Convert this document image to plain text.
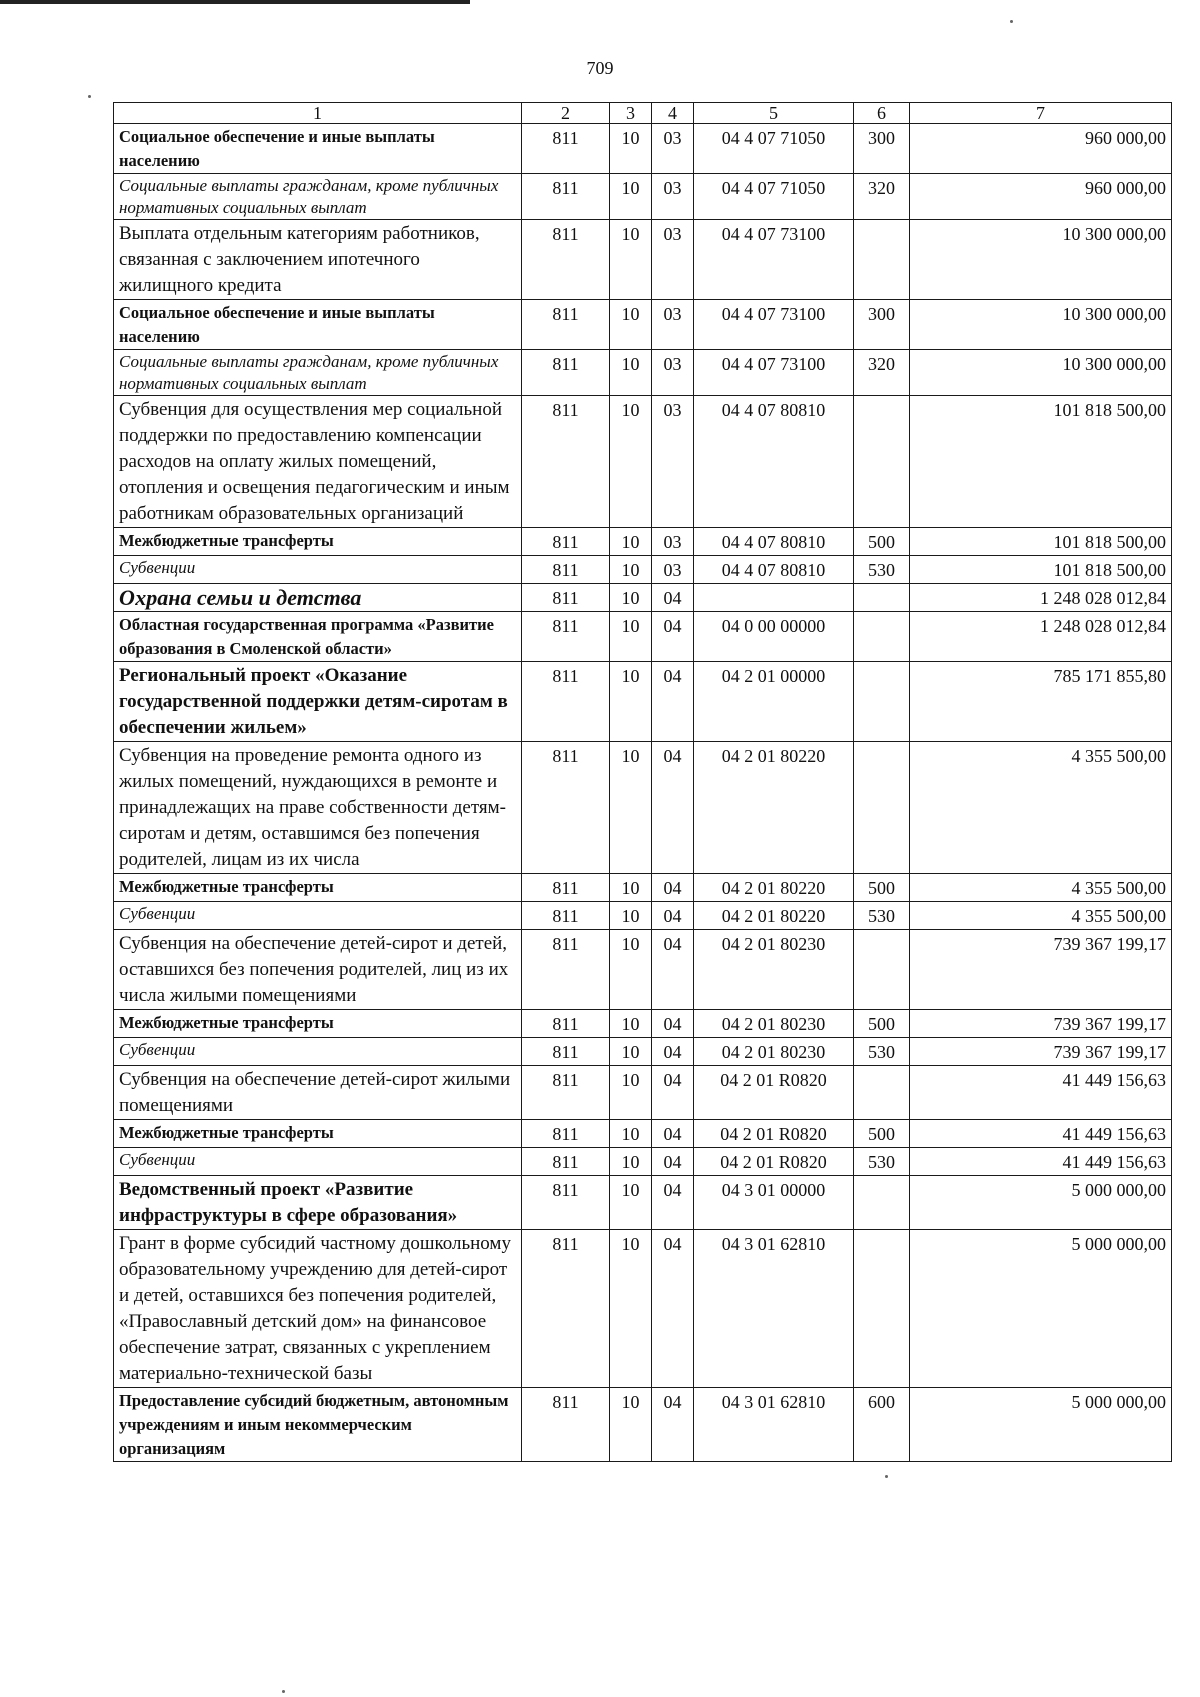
709
1	2	3	4	5	6	7
Социальное обеспечение и иные выплаты населению	811	10	03	04 4 07 71050	300	960 000,00
Социальные выплаты гражданам, кроме публичных нормативных социальных выплат	811	10	03	04 4 07 71050	320	960 000,00
Выплата отдельным категориям работников, связанная с заключением ипотечного жилищного кредита	811	10	03	04 4 07 73100		10 300 000,00
Социальное обеспечение и иные выплаты населению	811	10	03	04 4 07 73100	300	10 300 000,00
Социальные выплаты гражданам, кроме публичных нормативных социальных выплат	811	10	03	04 4 07 73100	320	10 300 000,00
Субвенция для осуществления мер социальной поддержки по предоставлению компенсации расходов на оплату жилых помещений, отопления и освещения педагогическим и иным работникам образовательных организаций	811	10	03	04 4 07 80810		101 818 500,00
Межбюджетные трансферты	811	10	03	04 4 07 80810	500	101 818 500,00
Субвенции	811	10	03	04 4 07 80810	530	101 818 500,00
Охрана семьи и детства	811	10	04			1 248 028 012,84
Областная государственная программа «Развитие образования в Смоленской области»	811	10	04	04 0 00 00000		1 248 028 012,84
Региональный проект «Оказание государственной поддержки детям-сиротам в обеспечении жильем»	811	10	04	04 2 01 00000		785 171 855,80
Субвенция на проведение ремонта одного из жилых помещений, нуждающихся в ремонте и принадлежащих на праве собственности детям-сиротам и детям, оставшимся без попечения родителей, лицам из их числа	811	10	04	04 2 01 80220		4 355 500,00
Межбюджетные трансферты	811	10	04	04 2 01 80220	500	4 355 500,00
Субвенции	811	10	04	04 2 01 80220	530	4 355 500,00
Субвенция на обеспечение детей-сирот и детей, оставшихся без попечения родителей, лиц из их числа жилыми помещениями	811	10	04	04 2 01 80230		739 367 199,17
Межбюджетные трансферты	811	10	04	04 2 01 80230	500	739 367 199,17
Субвенции	811	10	04	04 2 01 80230	530	739 367 199,17
Субвенция на обеспечение детей-сирот жилыми помещениями	811	10	04	04 2 01 R0820		41 449 156,63
Межбюджетные трансферты	811	10	04	04 2 01 R0820	500	41 449 156,63
Субвенции	811	10	04	04 2 01 R0820	530	41 449 156,63
Ведомственный проект «Развитие инфраструктуры в сфере образования»	811	10	04	04 3 01 00000		5 000 000,00
Грант в форме субсидий частному дошкольному образовательному учреждению для детей-сирот и детей, оставшихся без попечения родителей, «Православный детский дом» на финансовое обеспечение затрат, связанных с укреплением материально-технической базы	811	10	04	04 3 01 62810		5 000 000,00
Предоставление субсидий бюджетным, автономным учреждениям и иным некоммерческим организациям	811	10	04	04 3 01 62810	600	5 000 000,00
